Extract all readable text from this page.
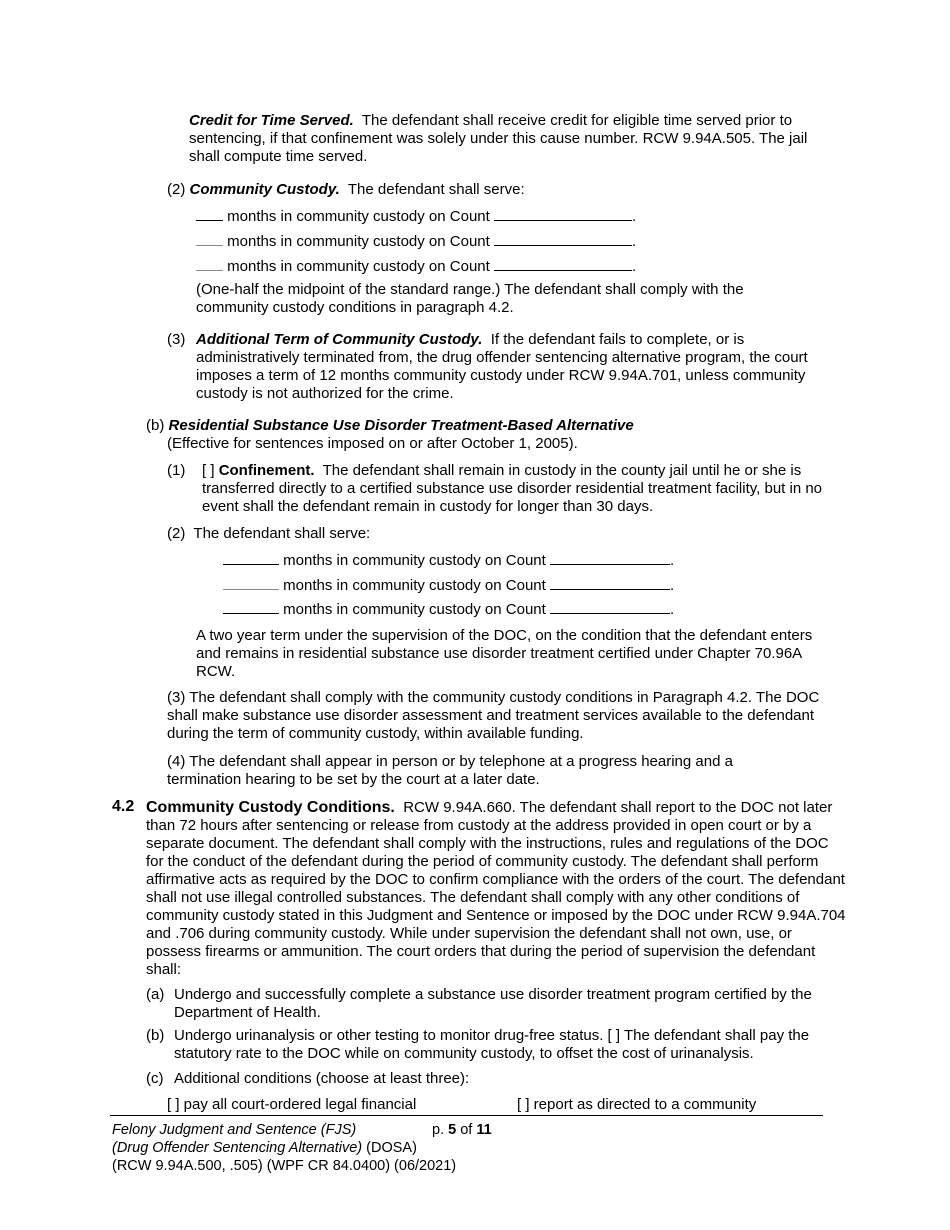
Credit for Time Served. The defendant shall receive credit for eligible time served prior to sentencing, if that confinement was solely under this cause number. RCW 9.94A.505. The jail shall compute time served.

(2) Community Custody. The defendant shall serve:

months in community custody on Count	.
months in community custody on Count	.
months in community custody on Count	.

(One-half the midpoint of the standard range.) The defendant shall comply with the community custody conditions in paragraph 4.2.

(3) Additional Term of Community Custody. If the defendant fails to complete, or is administratively terminated from, the drug offender sentencing alternative program, the court imposes a term of 12 months community custody under RCW 9.94A.701, unless community custody is not authorized for the crime.

(b) Residential Substance Use Disorder Treatment-Based Alternative

(Effective for sentences imposed on or after October 1, 2005).

(1) [ ] Confinement. The defendant shall remain in custody in the county jail until he or she is transferred directly to a certified substance use disorder residential treatment facility, but in no event shall the defendant remain in custody for longer than 30 days.

(2) The defendant shall serve:

months in community custody on Count	.
months in community custody on Count	.
months in community custody on Count	.

A two year term under the supervision of the DOC, on the condition that the defendant enters and remains in residential substance use disorder treatment certified under Chapter 70.96A RCW.

(3) The defendant shall comply with the community custody conditions in Paragraph 4.2. The DOC shall make substance use disorder assessment and treatment services available to the defendant during the term of community custody, within available funding.

(4) The defendant shall appear in person or by telephone at a progress hearing and a termination hearing to be set by the court at a later date.

4.2 Community Custody Conditions. RCW 9.94A.660. The defendant shall report to the DOC not later than 72 hours after sentencing or release from custody at the address provided in open court or by a separate document. The defendant shall comply with the instructions, rules and regulations of the DOC for the conduct of the defendant during the period of community custody. The defendant shall perform affirmative acts as required by the DOC to confirm compliance with the orders of the court. The defendant shall not use illegal controlled substances. The defendant shall comply with any other conditions of community custody stated in this Judgment and Sentence or imposed by the DOC under RCW 9.94A.704 and .706 during community custody. While under supervision the defendant shall not own, use, or possess firearms or ammunition. The court orders that during the period of supervision the defendant shall:

(a) Undergo and successfully complete a substance use disorder treatment program certified by the Department of Health.

(b) Undergo urinanalysis or other testing to monitor drug-free status. [ ] The defendant shall pay the statutory rate to the DOC while on community custody, to offset the cost of urinanalysis.

(c) Additional conditions (choose at least three):

[ ] pay all court-ordered legal financial	[ ] report as directed to a community

Felony Judgment and Sentence (FJS)	p. 5 of 11
(Drug Offender Sentencing Alternative) (DOSA)
(RCW 9.94A.500, .505) (WPF CR 84.0400) (06/2021)
